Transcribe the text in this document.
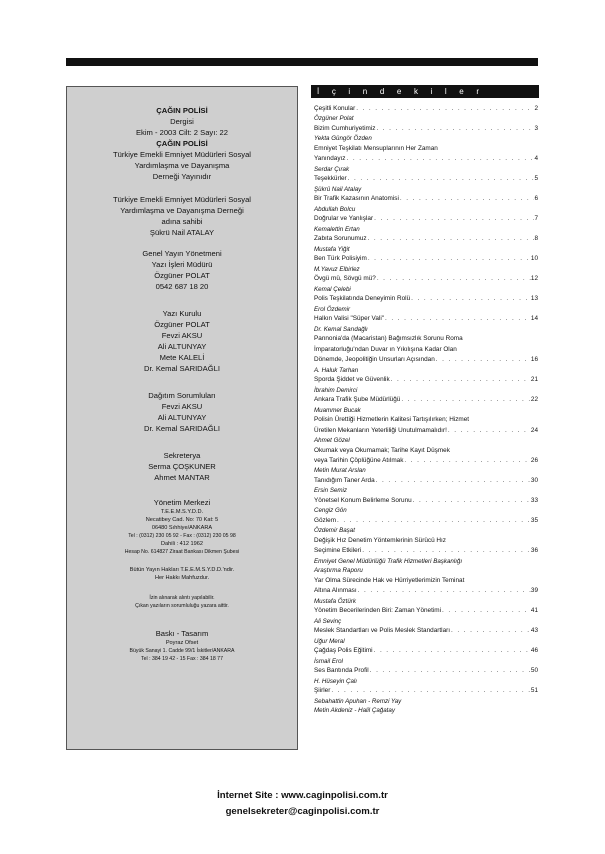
ÇAĞIN POLİSİ
Dergisi
Ekim - 2003 Cilt: 2 Sayı: 22
ÇAĞIN POLİSİ
Türkiye Emekli Emniyet Müdürleri Sosyal
Yardımlaşma ve Dayanışma
Derneği Yayınıdır
Türkiye Emekli Emniyet Müdürleri Sosyal
Yardımlaşma ve Dayanışma Derneği
adına sahibi
Şükrü Nail ATALAY
Genel Yayın Yönetmeni
Yazı İşleri Müdürü
Özgüner POLAT
0542 687 18 20
Yazı Kurulu
Özgüner POLAT
Fevzi AKSU
Ali ALTUNYAY
Mete KALELİ
Dr. Kemal SARIDAĞLI
Dağıtım Sorumluları
Fevzi AKSU
Ali ALTUNYAY
Dr. Kemal SARIDAĞLI
Sekreterya
Serma ÇOŞKUNER
Ahmet MANTAR
Yönetim Merkezi
T.E.E.M.S.Y.D.D.
Necatibey Cad. No: 70 Kat: 5
06480 Sıhhiye/ANKARA
Tel : (0312) 230 05 92 - Fax : (0312) 230 05 98
Dahili : 412 1962
Hesap No. 614827 Ziraat Bankası Dikmen Şubesi
Bütün Yayın Hakları T.E.E.M.S.Y.D.D.'ndir.
Her Hakkı Mahfuzdur.
İzin alınarak alıntı yapılabilir.
Çıkan yazıların sorumluluğu yazara aittir.
Baskı - Tasarım
Poyraz Ofset
Büyük Sanayi 1. Cadde 99/1 İskitler/ANKARA
Tel : 384 19 42 - 15 Fax : 384 18 77
İçindekiler
Çeşitli Konular . . .	2
Özgüner Polat
Bizim Cumhuriyetimiz . . .	3
Yekta Güngör Özden
Emniyet Teşkilatı Mensuplarının Her Zaman
Yanındayız . . .	4
Serdar Çırak
Teşekkürler . . .	5
Şükrü Nail Atalay
Bir Trafik Kazasının Anatomisi . . .	6
Abdullah Bolcu
Doğrular ve Yanlışlar . . .	7
Kemalettin Ertan
Zabıta Sorunumuz . . .	8
Mustafa Yiğit
Ben Türk Polisiyim . . .	10
M.Yavuz Elbirlez
Övgü mü, Sövgü mü? . . .	12
Kemal Çelebi
Polis Teşkilatında Deneyimin Rolü . . .	13
Erol Özdemir
Halkın Valisi "Süper Vali" . . .	14
Dr. Kemal Sarıdağlı
Pannonia'da (Macaristan) Bağımsızlık Sorunu Roma
İmparatorluğu'ndan Duvar ın Yıkılışına Kadar Olan
Dönemde, Jeopolitiğin Unsurları Açısından . . .	16
A. Haluk Tarhan
Sporda Şiddet ve Güvenlik . . .	21
İbrahim Demirci
Ankara Trafik Şube Müdürlüğü . . .	22
Muammer Bucak
Polisin Ürettiği Hizmetlerin Kalitesi Tartışılırken; Hizmet
Üretilen Mekanların Yeterliliği Unutulmamalıdır! . . .	24
Ahmet Gözel
Okumak veya Okumamak; Tarihe Kayıt Düşmek
veya Tarihin Çöplüğüne Atılmak . . .	26
Metin Murat Arslan
Tanıdığım Taner Arda . . .	30
Ersin Semiz
Yönetsel Konum Belirleme Sorunu . . .	33
Cengiz Gön
Gözlem . . .	35
Özdemir Başat
Değişik Hız Denetim Yöntemlerinin Sürücü Hız
Seçimine Etkileri . . .	36
Emniyet Genel Müdürlüğü Trafik Hizmetleri Başkanlığı
Araştırma Raporu
Yar Olma Sürecinde Hak ve Hürriyetlerimizin Teminat
Altına Alınması . . .	39
Mustafa Öztürk
Yönetim Becerilerinden Biri: Zaman Yönetimi . . .	41
Ali Sevinç
Meslek Standartları ve Polis Meslek Standartları . . .	43
Uğur Meral
Çağdaş Polis Eğitimi . . .	46
İsmail Erol
Ses Bantında Profil . . .	50
H. Hüseyin Çalı
Şiirler . . .	51
Sebahattin Apuhan - Remzi Yay
Metin Akdeniz - Halil Çağatay
İnternet Site : www.caginpolisi.com.tr
genelsekreter@caginpolisi.com.tr
